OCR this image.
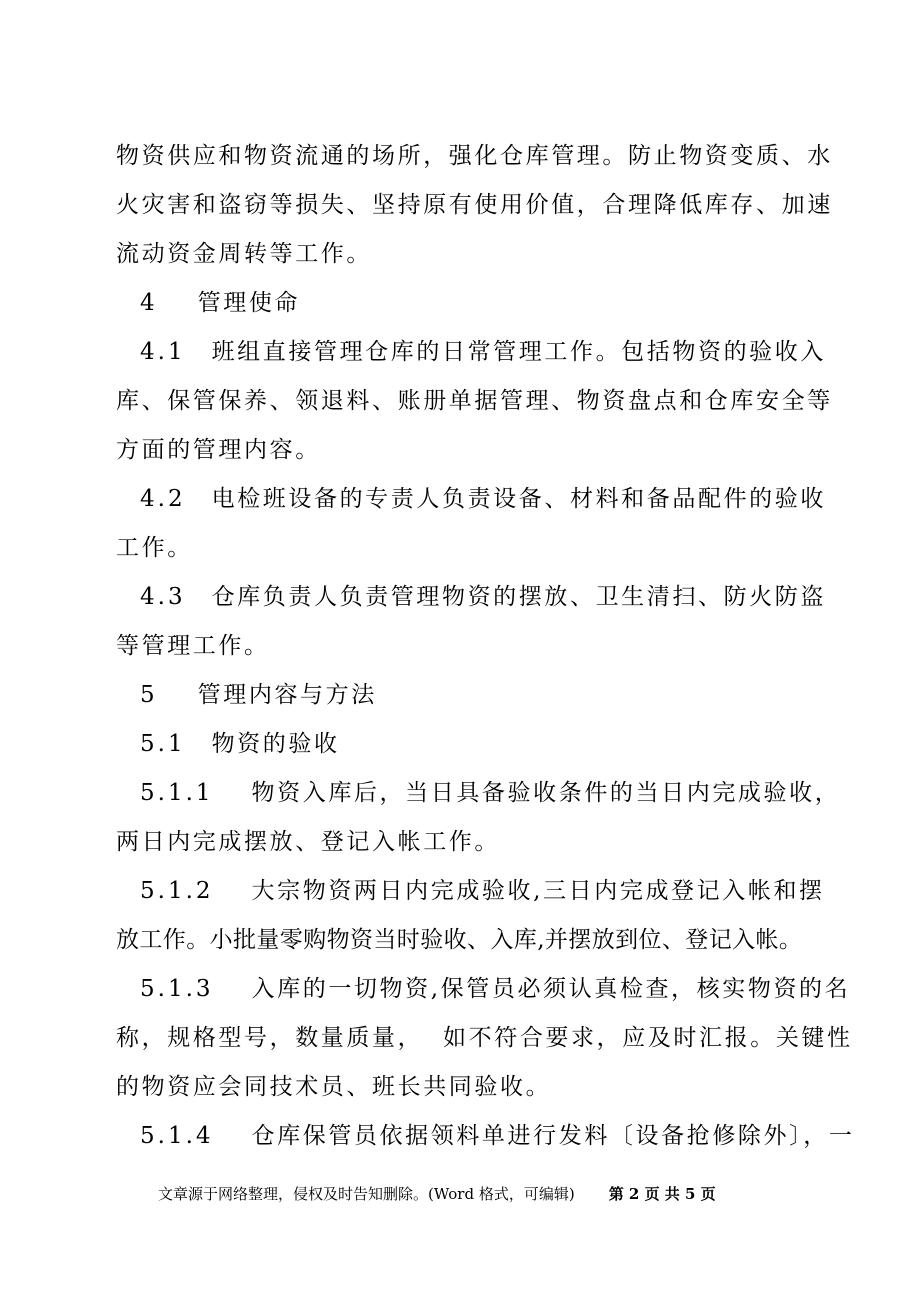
物资供应和物资流通的场所，强化仓库管理。防止物资变质、水
火灾害和盗窃等损失、坚持原有使用价值，合理降低库存、加速
流动资金周转等工作。
4 管理使命
4.1 班组直接管理仓库的日常管理工作。包括物资的验收入
库、保管保养、领退料、账册单据管理、物资盘点和仓库安全等
方面的管理内容。
4.2 电检班设备的专责人负责设备、材料和备品配件的验收
工作。
4.3 仓库负责人负责管理物资的摆放、卫生清扫、防火防盗
等管理工作。
5 管理内容与方法
5.1 物资的验收
5.1.1 物资入库后，当日具备验收条件的当日内完成验收，
两日内完成摆放、登记入帐工作。
5.1.2 大宗物资两日内完成验收,三日内完成登记入帐和摆
放工作。小批量零购物资当时验收、入库,并摆放到位、登记入帐。
5.1.3 入库的一切物资,保管员必须认真检查，核实物资的名
称，规格型号，数量质量，  如不符合要求，应及时汇报。关键性
的物资应会同技术员、班长共同验收。
5.1.4 仓库保管员依据领料单进行发料〔设备抢修除外〕，一
文章源于网络整理，侵权及时告知删除。(Word 格式，可编辑) 第 2 页 共 5 页
